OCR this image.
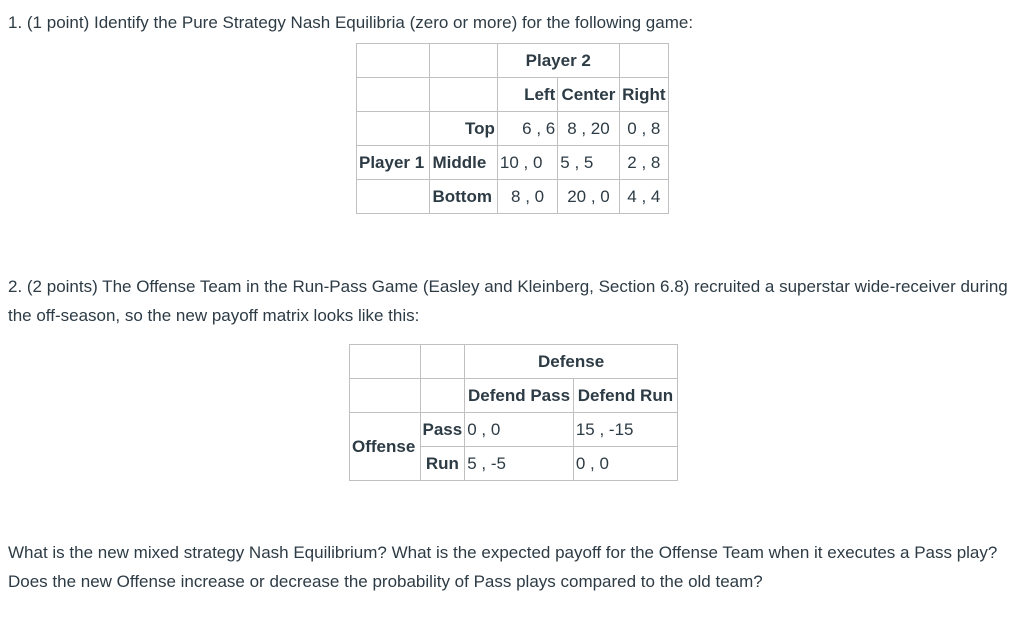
1. (1 point) Identify the Pure Strategy Nash Equilibria (zero or more) for the following game:
		Player 2		
		Left	Center	Right
	Top	6 , 6	8 , 20	0 , 8
Player 1	Middle	10 , 0	5 , 5	2 , 8
	Bottom	8 , 0	20 , 0	4 , 4
2. (2 points) The Offense Team in the Run-Pass Game (Easley and Kleinberg, Section 6.8) recruited a superstar wide-receiver during the off-season, so the new payoff matrix looks like this:
		Defense	
		Defend Pass	Defend Run
Offense	Pass	0 , 0	15 , -15
	Run	5 , -5	0 , 0
What is the new mixed strategy Nash Equilibrium? What is the expected payoff for the Offense Team when it executes a Pass play? Does the new Offense increase or decrease the probability of Pass plays compared to the old team?
